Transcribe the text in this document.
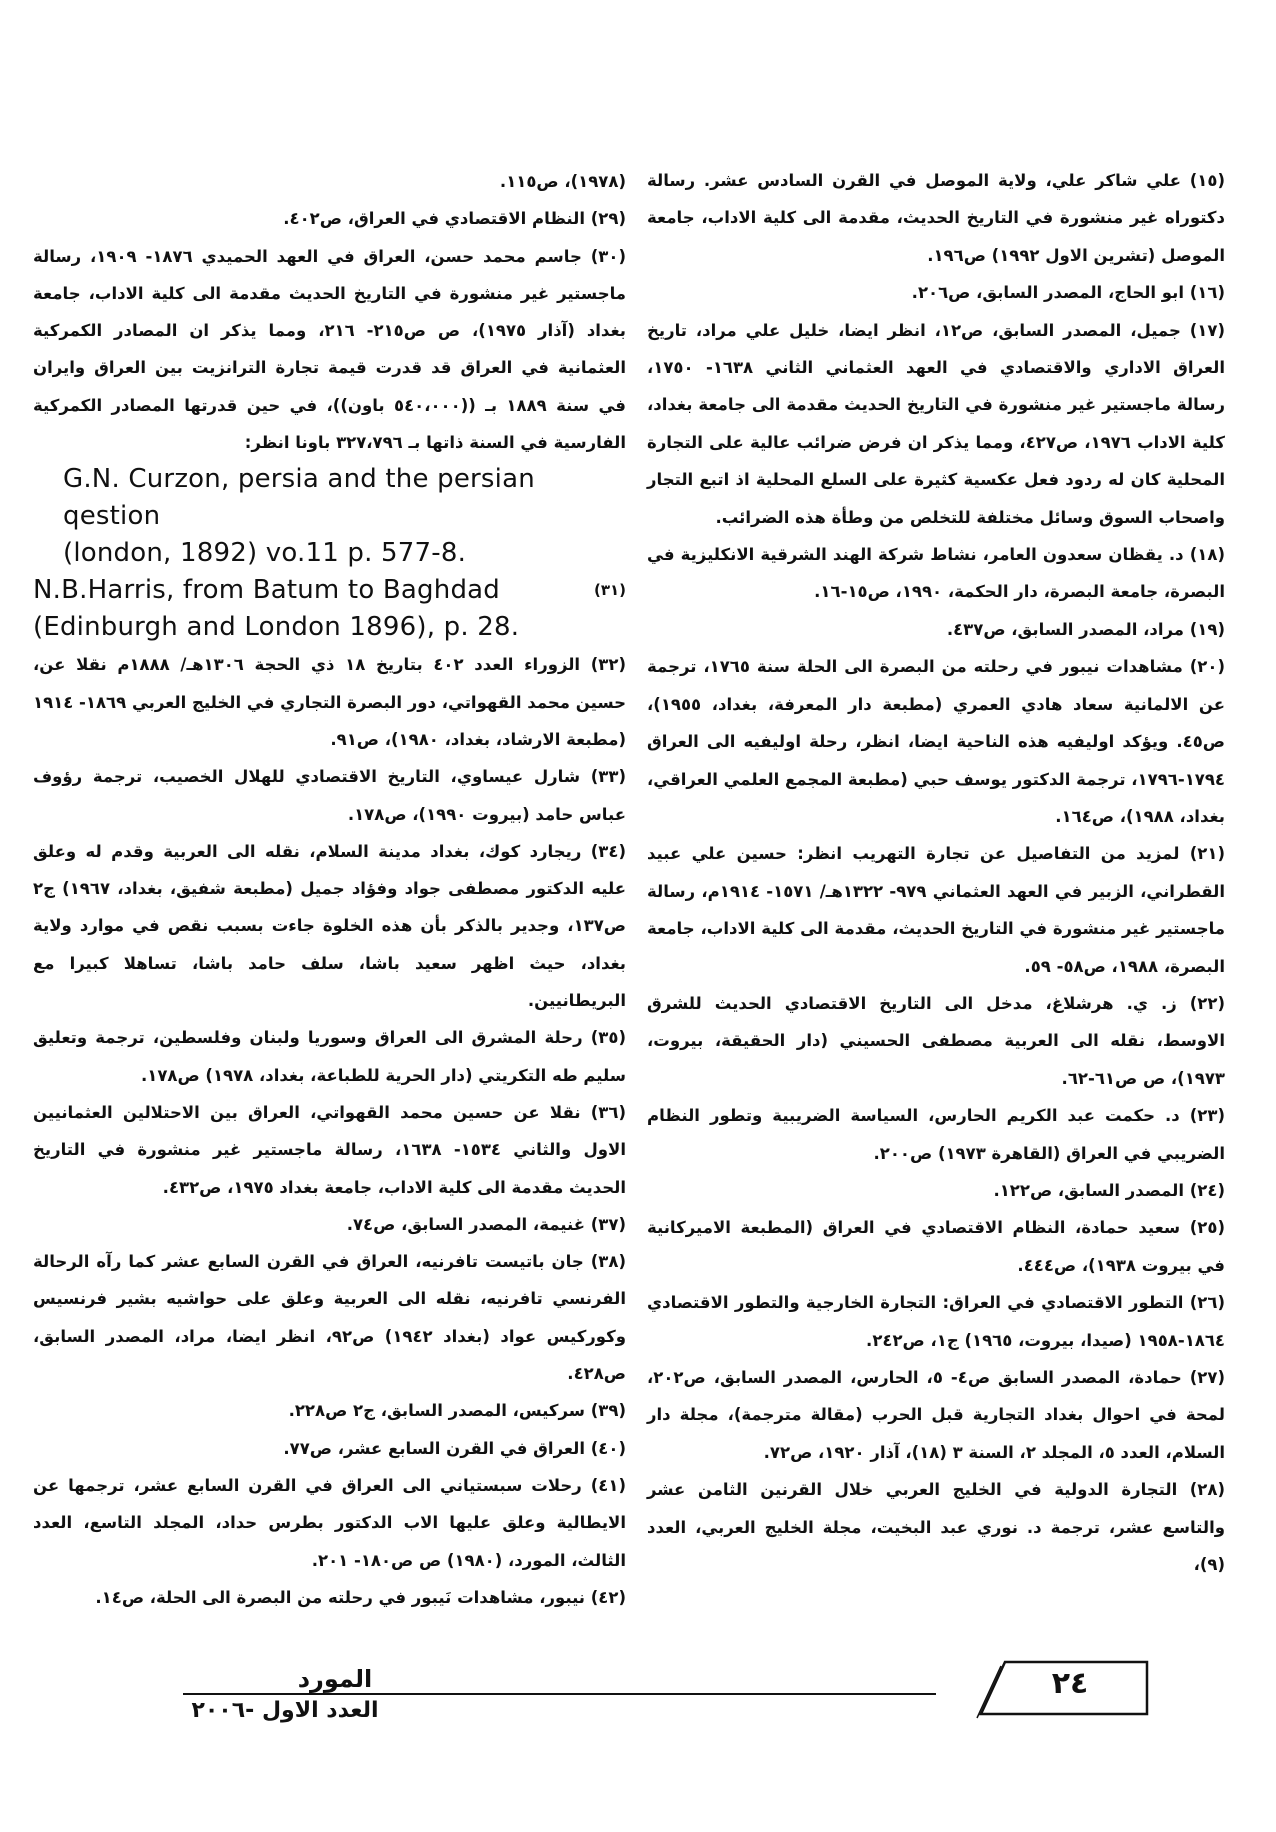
(١٥) علي شاكر علي، ولاية الموصل في القرن السادس عشر. رسالة دكتوراه غير منشورة في التاريخ الحديث، مقدمة الى كلية الاداب، جامعة الموصل (تشرين الاول ١٩٩٢) ص١٩٦.

(١٦) ابو الحاج، المصدر السابق، ص٢٠٦.

(١٧) جميل، المصدر السابق، ص١٢، انظر ايضا، خليل علي مراد، تاريخ العراق الاداري والاقتصادي في العهد العثماني الثاني ١٦٣٨- ١٧٥٠، رسالة ماجستير غير منشورة في التاريخ الحديث مقدمة الى جامعة بغداد، كلية الاداب ١٩٧٦، ص٤٢٧، ومما يذكر ان فرض ضرائب عالية على التجارة المحلية كان له ردود فعل عكسية كثيرة على السلع المحلية اذ اتبع التجار واصحاب السوق وسائل مختلفة للتخلص من وطأة هذه الضرائب.

(١٨) د. يقظان سعدون العامر، نشاط شركة الهند الشرقية الانكليزية في البصرة، جامعة البصرة، دار الحكمة، ١٩٩٠، ص١٥-١٦.

(١٩) مراد، المصدر السابق، ص٤٣٧.

(٢٠) مشاهدات نيبور في رحلته من البصرة الى الحلة سنة ١٧٦٥، ترجمة عن الالمانية سعاد هادي العمري (مطبعة دار المعرفة، بغداد، ١٩٥٥)، ص٤٥. ويؤكد اوليفيه هذه الناحية ايضا، انظر، رحلة اوليفيه الى العراق ١٧٩٤-١٧٩٦، ترجمة الدكتور يوسف حبي (مطبعة المجمع العلمي العراقي، بغداد، ١٩٨٨)، ص١٦٤.

(٢١) لمزيد من التفاصيل عن تجارة التهريب انظر: حسين علي عبيد القطراني، الزبير في العهد العثماني ٩٧٩- ١٣٢٢هـ/ ١٥٧١- ١٩١٤م، رسالة ماجستير غير منشورة في التاريخ الحديث، مقدمة الى كلية الاداب، جامعة البصرة، ١٩٨٨، ص٥٨- ٥٩.

(٢٢) ز. ي. هرشلاغ، مدخل الى التاريخ الاقتصادي الحديث للشرق الاوسط، نقله الى العربية مصطفى الحسيني (دار الحقيقة، بيروت، ١٩٧٣)، ص ص٦١-٦٢.

(٢٣) د. حكمت عبد الكريم الحارس، السياسة الضريبية وتطور النظام الضريبي في العراق (القاهرة ١٩٧٣) ص٢٠٠.

(٢٤) المصدر السابق، ص١٢٢.

(٢٥) سعيد حمادة، النظام الاقتصادي في العراق (المطبعة الاميركانية في بيروت ١٩٣٨)، ص٤٤٤.

(٢٦) التطور الاقتصادي في العراق: التجارة الخارجية والتطور الاقتصادي ١٨٦٤-١٩٥٨ (صيدا، بيروت، ١٩٦٥) ج١، ص٢٤٢.

(٢٧) حمادة، المصدر السابق ص٤- ٥، الحارس، المصدر السابق، ص٢٠٢، لمحة في احوال بغداد التجارية قبل الحرب (مقالة مترجمة)، مجلة دار السلام، العدد ٥، المجلد ٢، السنة ٣ (١٨)، آذار ١٩٢٠، ص٧٢.

(٢٨) التجارة الدولية في الخليج العربي خلال القرنين الثامن عشر والتاسع عشر، ترجمة د. نوري عبد البخيت، مجلة الخليج العربي، العدد (٩)،

(١٩٧٨)، ص١١٥.

(٢٩) النظام الاقتصادي في العراق، ص٤٠٢.

(٣٠) جاسم محمد حسن، العراق في العهد الحميدي ١٨٧٦- ١٩٠٩، رسالة ماجستير غير منشورة في التاريخ الحديث مقدمة الى كلية الاداب، جامعة بغداد (آذار ١٩٧٥)، ص ص٢١٥- ٢١٦، ومما يذكر ان المصادر الكمركية العثمانية في العراق قد قدرت قيمة تجارة الترانزيت بين العراق وايران في سنة ١٨٨٩ بـ ((٥٤٠،٠٠٠ باون))، في حين قدرتها المصادر الكمركية الفارسية في السنة ذاتها بـ ٣٢٧،٧٩٦ باونا انظر:

G.N. Curzon, persia and the persian qestion

(london, 1892) vo.11 p. 577-8.

(٣١)
N.B.Harris, from Batum to Baghdad

(Edinburgh and London 1896), p. 28.

(٣٢) الزوراء العدد ٤٠٢ بتاريخ ١٨ ذي الحجة ١٣٠٦هـ/ ١٨٨٨م نقلا عن، حسين محمد القهواتي، دور البصرة التجاري في الخليج العربي ١٨٦٩- ١٩١٤ (مطبعة الارشاد، بغداد، ١٩٨٠)، ص٩١.

(٣٣) شارل عيساوي، التاريخ الاقتصادي للهلال الخصيب، ترجمة رؤوف عباس حامد (بيروت ١٩٩٠)، ص١٧٨.

(٣٤) ريجارد كوك، بغداد مدينة السلام، نقله الى العربية وقدم له وعلق عليه الدكتور مصطفى جواد وفؤاد جميل (مطبعة شفيق، بغداد، ١٩٦٧) ج٢ ص١٣٧، وجدير بالذكر بأن هذه الخلوة جاءت بسبب نقص في موارد ولاية بغداد، حيث اظهر سعيد باشا، سلف حامد باشا، تساهلا كبيرا مع البريطانيين.

(٣٥) رحلة المشرق الى العراق وسوريا ولبنان وفلسطين، ترجمة وتعليق سليم طه التكريتي (دار الحرية للطباعة، بغداد، ١٩٧٨) ص١٧٨.

(٣٦) نقلا عن حسين محمد القهواتي، العراق بين الاحتلالين العثمانيين الاول والثاني ١٥٣٤- ١٦٣٨، رسالة ماجستير غير منشورة في التاريخ الحديث مقدمة الى كلية الاداب، جامعة بغداد ١٩٧٥، ص٤٣٢.

(٣٧) غنيمة، المصدر السابق، ص٧٤.

(٣٨) جان باتيست تافرنيه، العراق في القرن السابع عشر كما رآه الرحالة الفرنسي تافرنيه، نقله الى العربية وعلق على حواشيه بشير فرنسيس وكوركيس عواد (بغداد ١٩٤٢) ص٩٢، انظر ايضا، مراد، المصدر السابق، ص٤٢٨.

(٣٩) سركيس، المصدر السابق، ج٢ ص٢٢٨.

(٤٠) العراق في القرن السابع عشر، ص٧٧.

(٤١) رحلات سبستياني الى العراق في القرن السابع عشر، ترجمها عن الايطالية وعلق عليها الاب الدكتور بطرس حداد، المجلد التاسع، العدد الثالث، المورد، (١٩٨٠) ص ص١٨٠- ٢٠١.

(٤٢) نيبور، مشاهدات نَيبور في رحلته من البصرة الى الحلة، ص١٤.

٢٤
المورد
العدد الاول -٢٠٠٦
